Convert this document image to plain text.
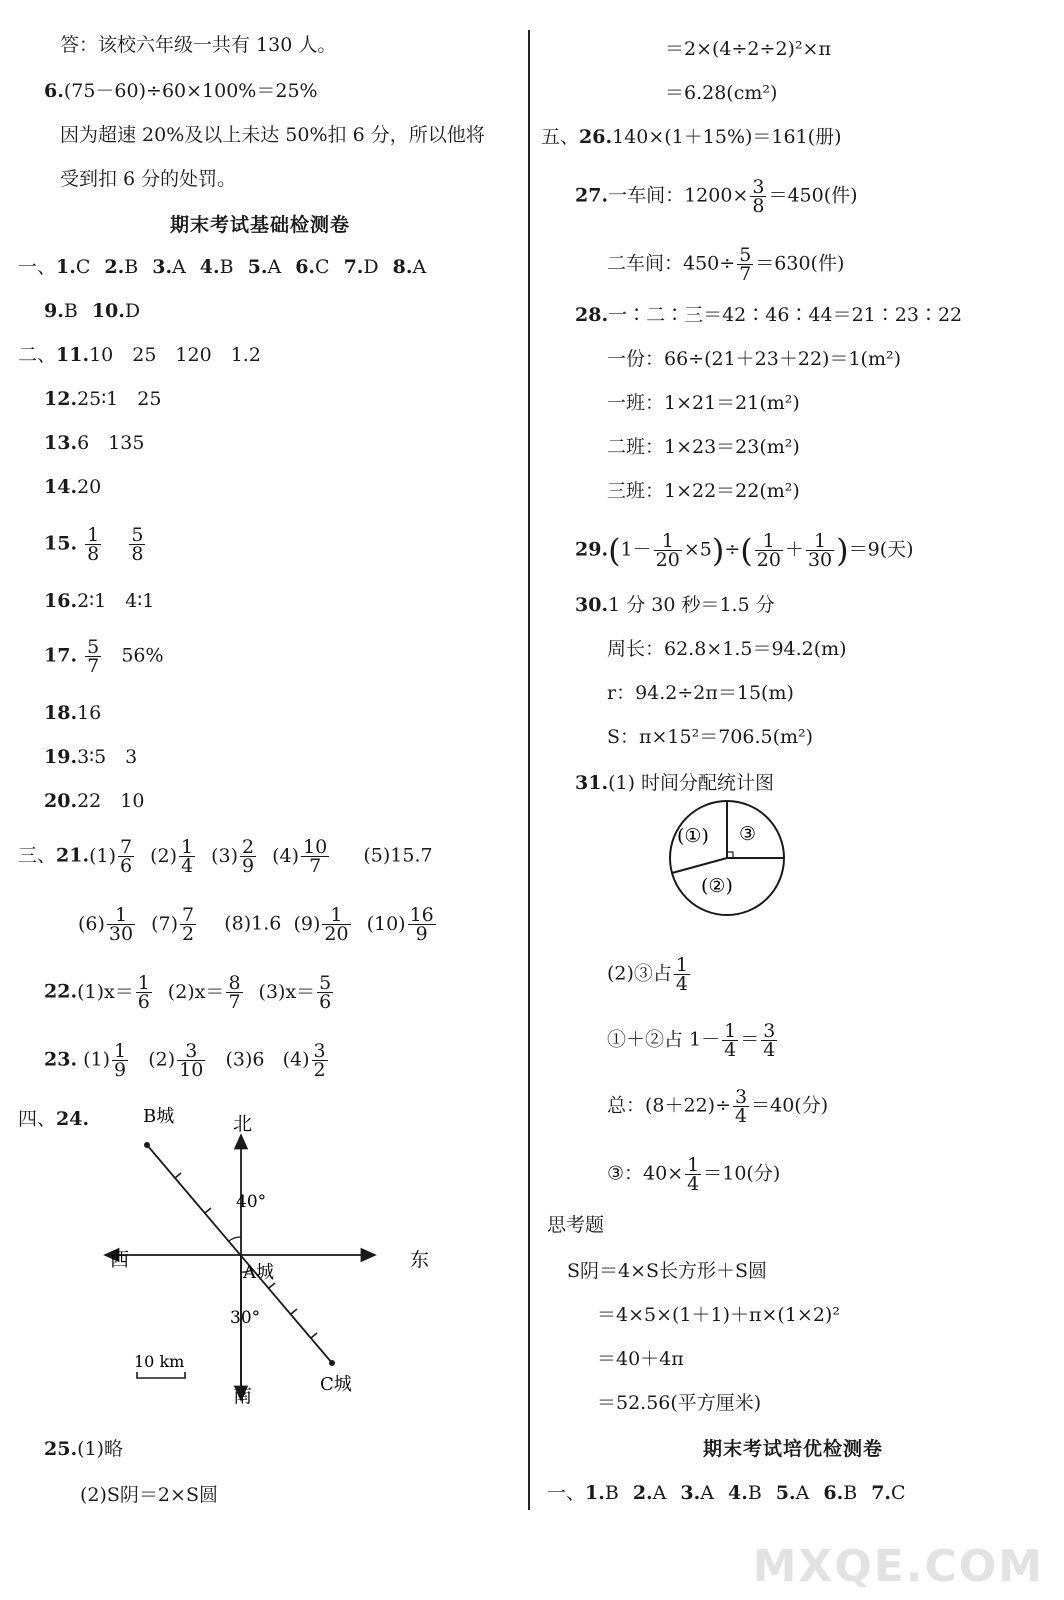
答：该校六年级一共有 130 人。
6.(75－60)÷60×100%＝25%
因为超速 20%及以上未达 50%扣 6 分，所以他将
受到扣 6 分的处罚。
期末考试基础检测卷
一、1.C 2.B 3.A 4.B 5.A 6.C 7.D 8.A
9.B 10.D
二、11.10　25　120　1.2
12.25∶1　25
13.6　135
14.20
15. $\frac{1}{8}$
$\frac{5}{8}$
16.2∶1　4∶1
17. $\frac{5}{7} 56\%$
18.16
19.3∶5　3
20.22　10
三、$21.(1) \frac{7}{6} (2) \frac{1}{4} (3) \frac{2}{9} (4) \frac{10}{7} (5)15.7$
$(6) \frac{1}{30} (7) \frac{7}{2} (8)1.6$ $(9) \frac{1}{20} (10) \frac{16}{9}$
$22.(1)x= \frac{1}{6} (2)x= \frac{8}{7} (3)x= \frac{5}{6}$
23. $(1) \frac{1}{9} (2) \frac{3}{10} (3)6$ $(4) \frac{3}{2}$
四、24.	北
南
西	东
A城
B城
C城
40°
30°
10 km
25.(1)略
(2)S阴＝2×S圆
＝2×(4÷2÷2)²×π
＝6.28(cm²)
五、26.140×(1＋15%)＝161(册)
27.一车间：$1200\times \frac{3}{8} =450$(件)
二车间：$450\div \frac{5}{7} =630$(件)
28.一∶二∶三＝42∶46∶44＝21∶23∶22
一份：66÷(21＋23＋22)＝1(m²)
一班：1×21＝21(m²)
二班：1×23＝23(m²)
三班：1×22＝22(m²)
$29.(1- \frac{1}{20} \times 5)\div( \frac{1}{20} + \frac{1}{30} )=9$(天)
30.1 分 30 秒＝1.5 分
周长：62.8×1.5＝94.2(m)
r：94.2÷2π＝15(m)
S：π×15²＝706.5(m²)
31.(1) 时间分配统计图
(①) ③
(②)
(2)③占 $\frac{1}{4}$
①＋②占 $1- \frac{1}{4} = \frac{3}{4}$
总：$(8+22)\div \frac{3}{4} =40$(分)
③：$40\times \frac{1}{4} =10$(分)
思考题
S阴＝4×S长方形＋S圆
＝4×5×(1＋1)＋π×(1×2)²
＝40＋4π
＝52.56(平方厘米)
期末考试培优检测卷
一、1.B 2.A 3.A 4.B 5.A 6.B 7.C
MXQE.COM
